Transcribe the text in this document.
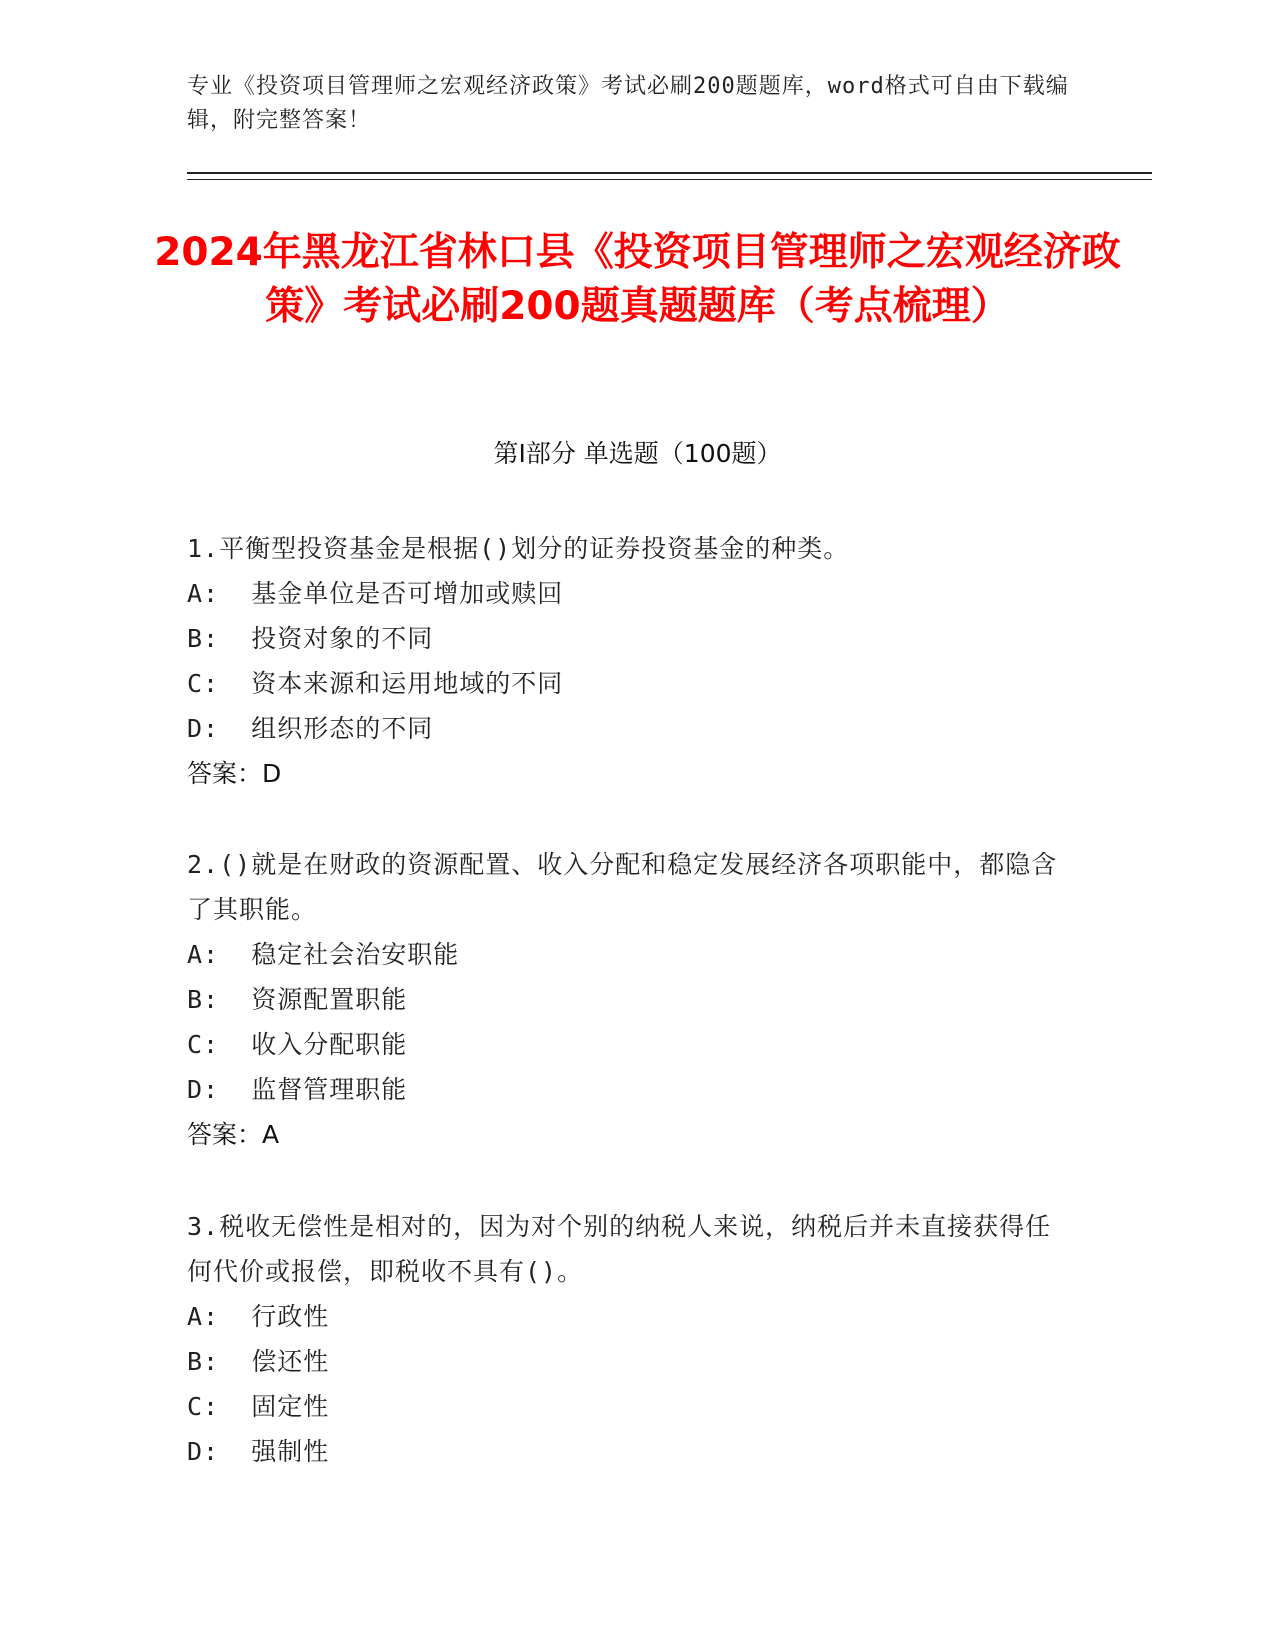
专业《投资项目管理师之宏观经济政策》考试必刷200题题库，word格式可自由下载编辑，附完整答案！
2024年黑龙江省林口县《投资项目管理师之宏观经济政策》考试必刷200题真题题库（考点梳理）
第I部分 单选题（100题）

1.平衡型投资基金是根据()划分的证券投资基金的种类。

A:  基金单位是否可增加或赎回

B:  投资对象的不同

C:  资本来源和运用地域的不同

D:  组织形态的不同

答案：D

2.()就是在财政的资源配置、收入分配和稳定发展经济各项职能中，都隐含了其职能。

A:  稳定社会治安职能

B:  资源配置职能

C:  收入分配职能

D:  监督管理职能

答案：A

3.税收无偿性是相对的，因为对个别的纳税人来说，纳税后并未直接获得任何代价或报偿，即税收不具有()。

A:  行政性

B:  偿还性

C:  固定性

D:  强制性
